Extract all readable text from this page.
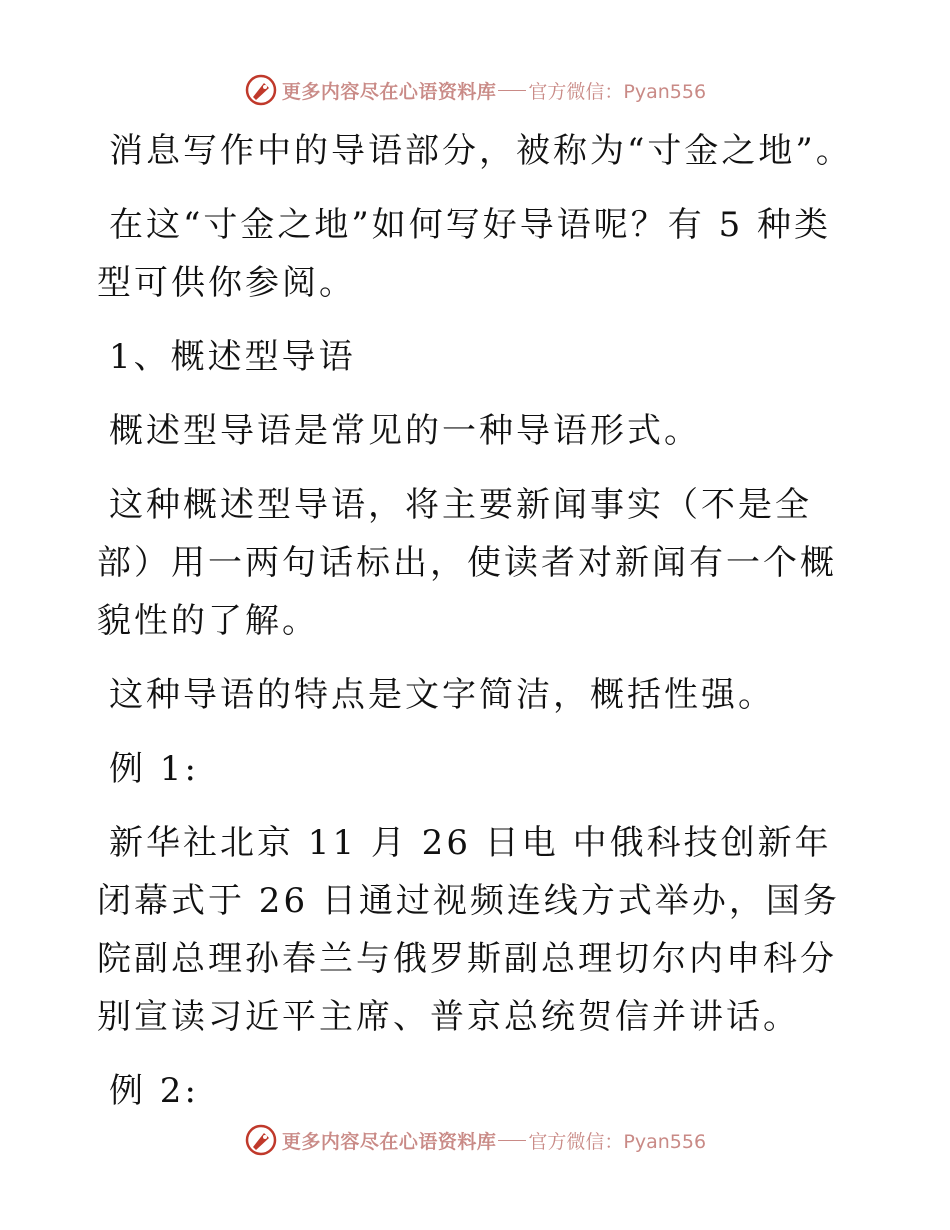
更多内容尽在心语资料库 官方微信：Pyan556

消息写作中的导语部分，被称为“寸金之地”。

在这“寸金之地”如何写好导语呢？有 5 种类型可供你参阅。

1、概述型导语

概述型导语是常见的一种导语形式。

这种概述型导语，将主要新闻事实（不是全部）用一两句话标出，使读者对新闻有一个概貌性的了解。

这种导语的特点是文字简洁，概括性强。

例 1:

新华社北京 11 月 26 日电 中俄科技创新年闭幕式于 26 日通过视频连线方式举办，国务院副总理孙春兰与俄罗斯副总理切尔内申科分别宣读习近平主席、普京总统贺信并讲话。

例 2:

更多内容尽在心语资料库 官方微信：Pyan556
